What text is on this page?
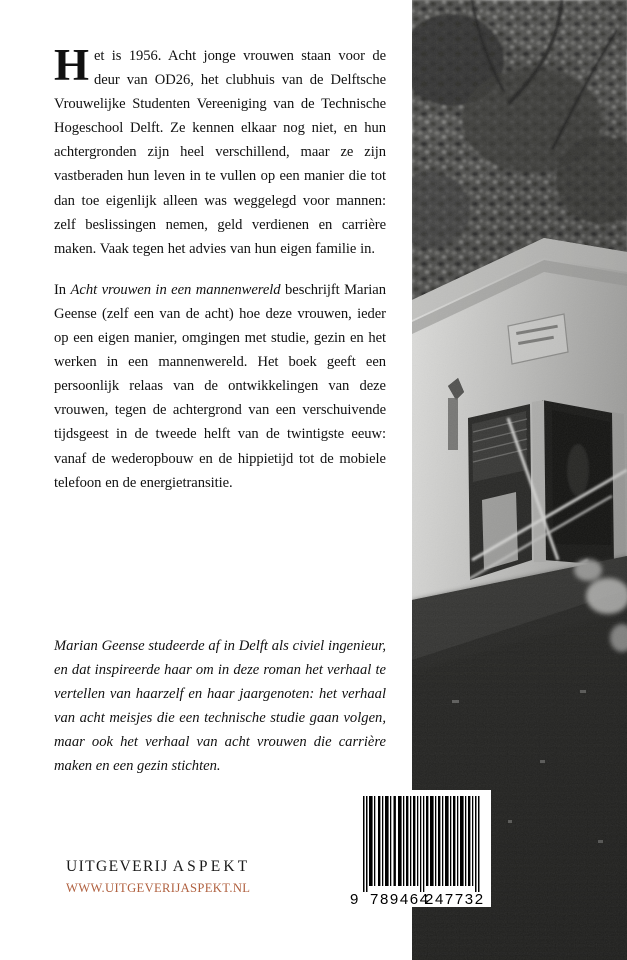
Het is 1956. Acht jonge vrouwen staan voor de deur van OD26, het clubhuis van de Delftsche Vrouwelijke Studenten Vereeniging van de Technische Hogeschool Delft. Ze kennen elkaar nog niet, en hun achtergronden zijn heel verschillend, maar ze zijn vastberaden hun leven in te vullen op een manier die tot dan toe eigenlijk alleen was weggelegd voor mannen: zelf beslissingen nemen, geld verdienen en carrière maken. Vaak tegen het advies van hun eigen familie in.

In Acht vrouwen in een mannenwereld beschrijft Marian Geense (zelf een van de acht) hoe deze vrouwen, ieder op een eigen manier, omgingen met studie, gezin en het werken in een mannenwereld. Het boek geeft een persoonlijk relaas van de ontwikkelingen van deze vrouwen, tegen de achtergrond van een verschuivende tijdsgeest in de tweede helft van de twintigste eeuw: vanaf de wederopbouw en de hippietijd tot de mobiele telefoon en de energietransitie.

Marian Geense studeerde af in Delft als civiel ingenieur, en dat inspireerde haar om in deze roman het verhaal te vertellen van haarzelf en haar jaargenoten: het verhaal van acht meisjes die een technische studie gaan volgen, maar ook het verhaal van acht vrouwen die carrière maken en een gezin stichten.
UITGEVERIJ ASPEKT
WWW.UITGEVERIJASPEKT.NL
9 789464
247732
